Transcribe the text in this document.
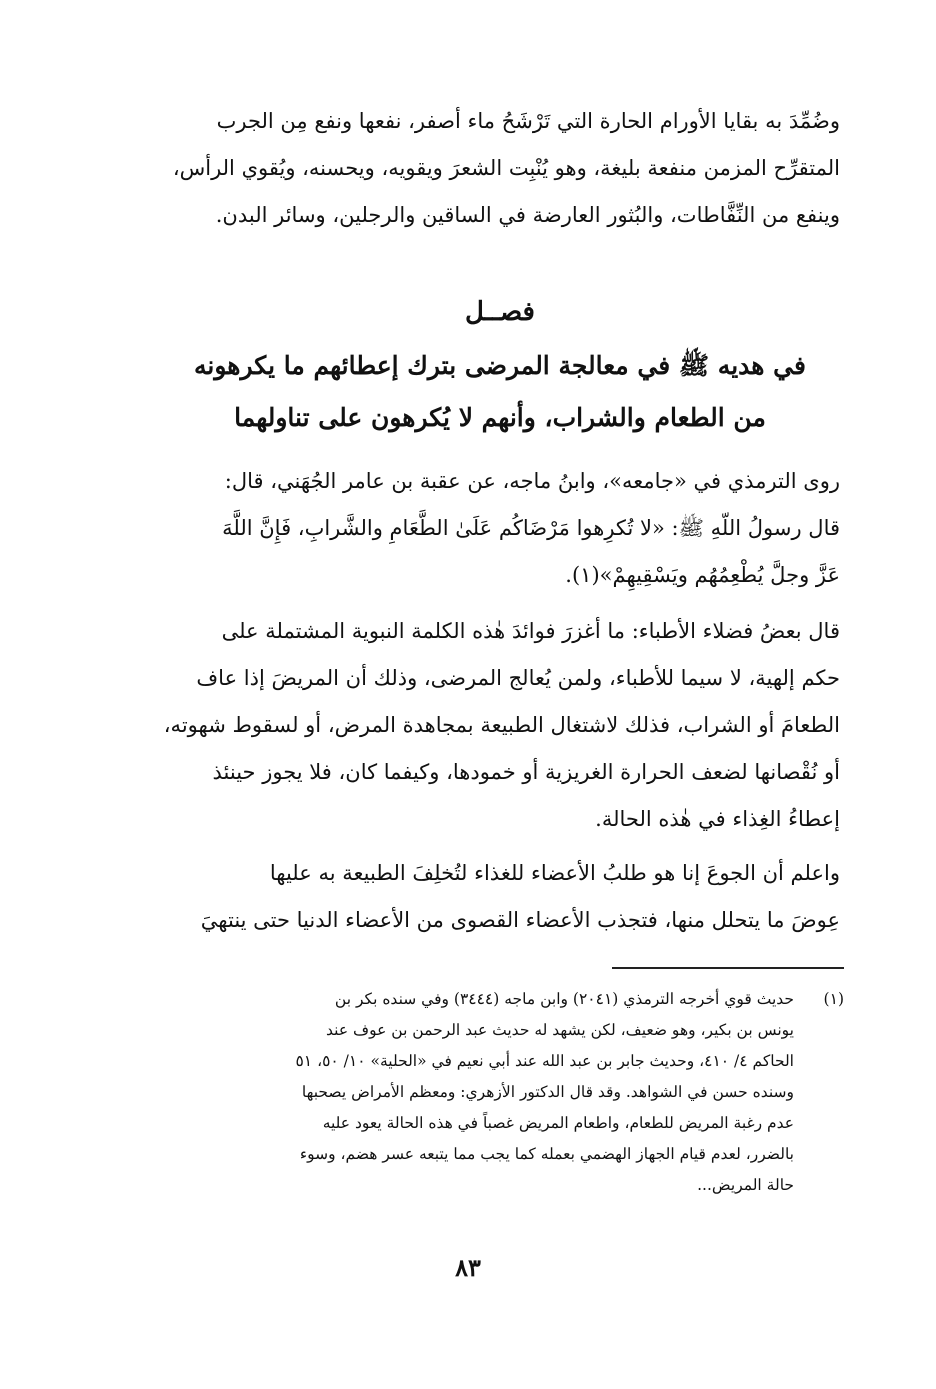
وضُمِّدَ به بقايا الأورام الحارة التي تَرْشَحُ ماء أصفر، نفعها ونفع مِن الجرب
المتقرِّح المزمن منفعة بليغة، وهو يُنْبِت الشعرَ ويقويه، ويحسنه، ويُقوي الرأس،
وينفع من النِّفَّاطات، والبُثور العارضة في الساقين والرجلين، وسائر البدن.
فصــل
في هديه ﷺ في معالجة المرضى بترك إعطائهم ما يكرهونه
من الطعام والشراب، وأنهم لا يُكرهون على تناولهما
روى الترمذي في «جامعه»، وابنُ ماجه، عن عقبة بن عامر الجُهَني، قال:
قال رسولُ اللّهِ ﷺ: «لا تُكرِهوا مَرْضَاكُم عَلَىٰ الطَّعَامِ والشَّرابِ، فَإِنَّ اللَّهَ
عَزَّ وجلَّ يُطْعِمُهُم ويَسْقِيهِمْ»(١).
قال بعضُ فضلاء الأطباء: ما أغزرَ فوائدَ هٰذه الكلمة النبوية المشتملة على
حكم إلهية، لا سيما للأطباء، ولمن يُعالج المرضى، وذلك أن المريضَ إذا عاف
الطعامَ أو الشراب، فذلك لاشتغال الطبيعة بمجاهدة المرض، أو لسقوط شهوته،
أو نُقْصانها لضعف الحرارة الغريزية أو خمودها، وكيفما كان، فلا يجوز حينئذ
إعطاءُ الغِذاء في هٰذه الحالة.
واعلم أن الجوعَ إنا هو طلبُ الأعضاء للغذاء لتُخلِفَ الطبيعة به عليها
عِوضَ ما يتحلل منها، فتجذب الأعضاء القصوى من الأعضاء الدنيا حتى ينتهيَ
(١)حديث قوي أخرجه الترمذي (٢٠٤١) وابن ماجه (٣٤٤٤) وفي سنده بكر بن
يونس بن بكير، وهو ضعيف، لكن يشهد له حديث عبد الرحمن بن عوف عند
الحاكم ٤/ ٤١٠، وحديث جابر بن عبد الله عند أبي نعيم في «الحلية» ١٠/ ٥٠، ٥١
وسنده حسن في الشواهد. وقد قال الدكتور الأزهري: ومعظم الأمراض يصحبها
عدم رغبة المريض للطعام، واطعام المريض غصباً في هذه الحالة يعود عليه
بالضرر، لعدم قيام الجهاز الهضمي بعمله كما يجب مما يتبعه عسر هضم، وسوء
حالة المريض...
٨٣
